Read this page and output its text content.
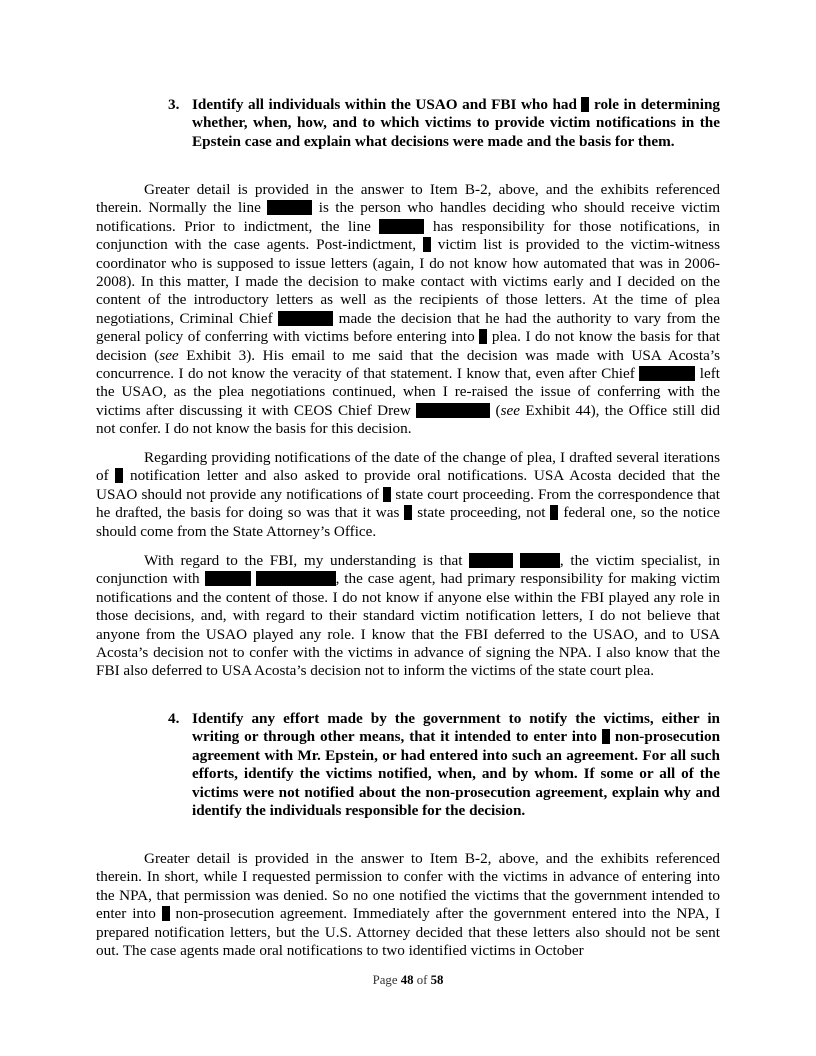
3. Identify all individuals within the USAO and FBI who had role in determining whether, when, how, and to which victims to provide victim notifications in the Epstein case and explain what decisions were made and the basis for them.

Greater detail is provided in the answer to Item B-2, above, and the exhibits referenced therein. Normally the line	is the person who handles deciding who should receive victim notifications. Prior to indictment, the line	has responsibility for those notifications, in conjunction with the case agents. Post-indictment, victim list is provided to the victim-witness coordinator who is supposed to issue letters (again, I do not know how automated that was in 2006-2008). In this matter, I made the decision to make contact with victims early and I decided on the content of the introductory letters as well as the recipients of those letters. At the time of plea negotiations, Criminal Chief	made the decision that he had the authority to vary from the general policy of conferring with victims before entering into plea. I do not know the basis for that decision (see Exhibit 3). His email to me said that the decision was made with USA Acosta’s concurrence. I do not know the veracity of that statement. I know that, even after Chief	left the USAO, as the plea negotiations continued, when I re-raised the issue of conferring with the victims after discussing it with CEOS Chief Drew	(see Exhibit 44), the Office still did not confer. I do not know the basis for this decision.

Regarding providing notifications of the date of the change of plea, I drafted several iterations of notification letter and also asked to provide oral notifications. USA Acosta decided that the USAO should not provide any notifications of state court proceeding. From the correspondence that he drafted, the basis for doing so was that it was state proceeding, not federal one, so the notice should come from the State Attorney’s Office.

With regard to the FBI, my understanding is that	, the victim specialist, in conjunction with	, the case agent, had primary responsibility for making victim notifications and the content of those. I do not know if anyone else within the FBI played any role in those decisions, and, with regard to their standard victim notification letters, I do not believe that anyone from the USAO played any role. I know that the FBI deferred to the USAO, and to USA Acosta’s decision not to confer with the victims in advance of signing the NPA. I also know that the FBI also deferred to USA Acosta’s decision not to inform the victims of the state court plea.

4. Identify any effort made by the government to notify the victims, either in writing or through other means, that it intended to enter into non-prosecution agreement with Mr. Epstein, or had entered into such an agreement. For all such efforts, identify the victims notified, when, and by whom. If some or all of the victims were not notified about the non-prosecution agreement, explain why and identify the individuals responsible for the decision.

Greater detail is provided in the answer to Item B-2, above, and the exhibits referenced therein. In short, while I requested permission to confer with the victims in advance of entering into the NPA, that permission was denied. So no one notified the victims that the government intended to enter into non-prosecution agreement. Immediately after the government entered into the NPA, I prepared notification letters, but the U.S. Attorney decided that these letters also should not be sent out. The case agents made oral notifications to two identified victims in October

Page 48 of 58
